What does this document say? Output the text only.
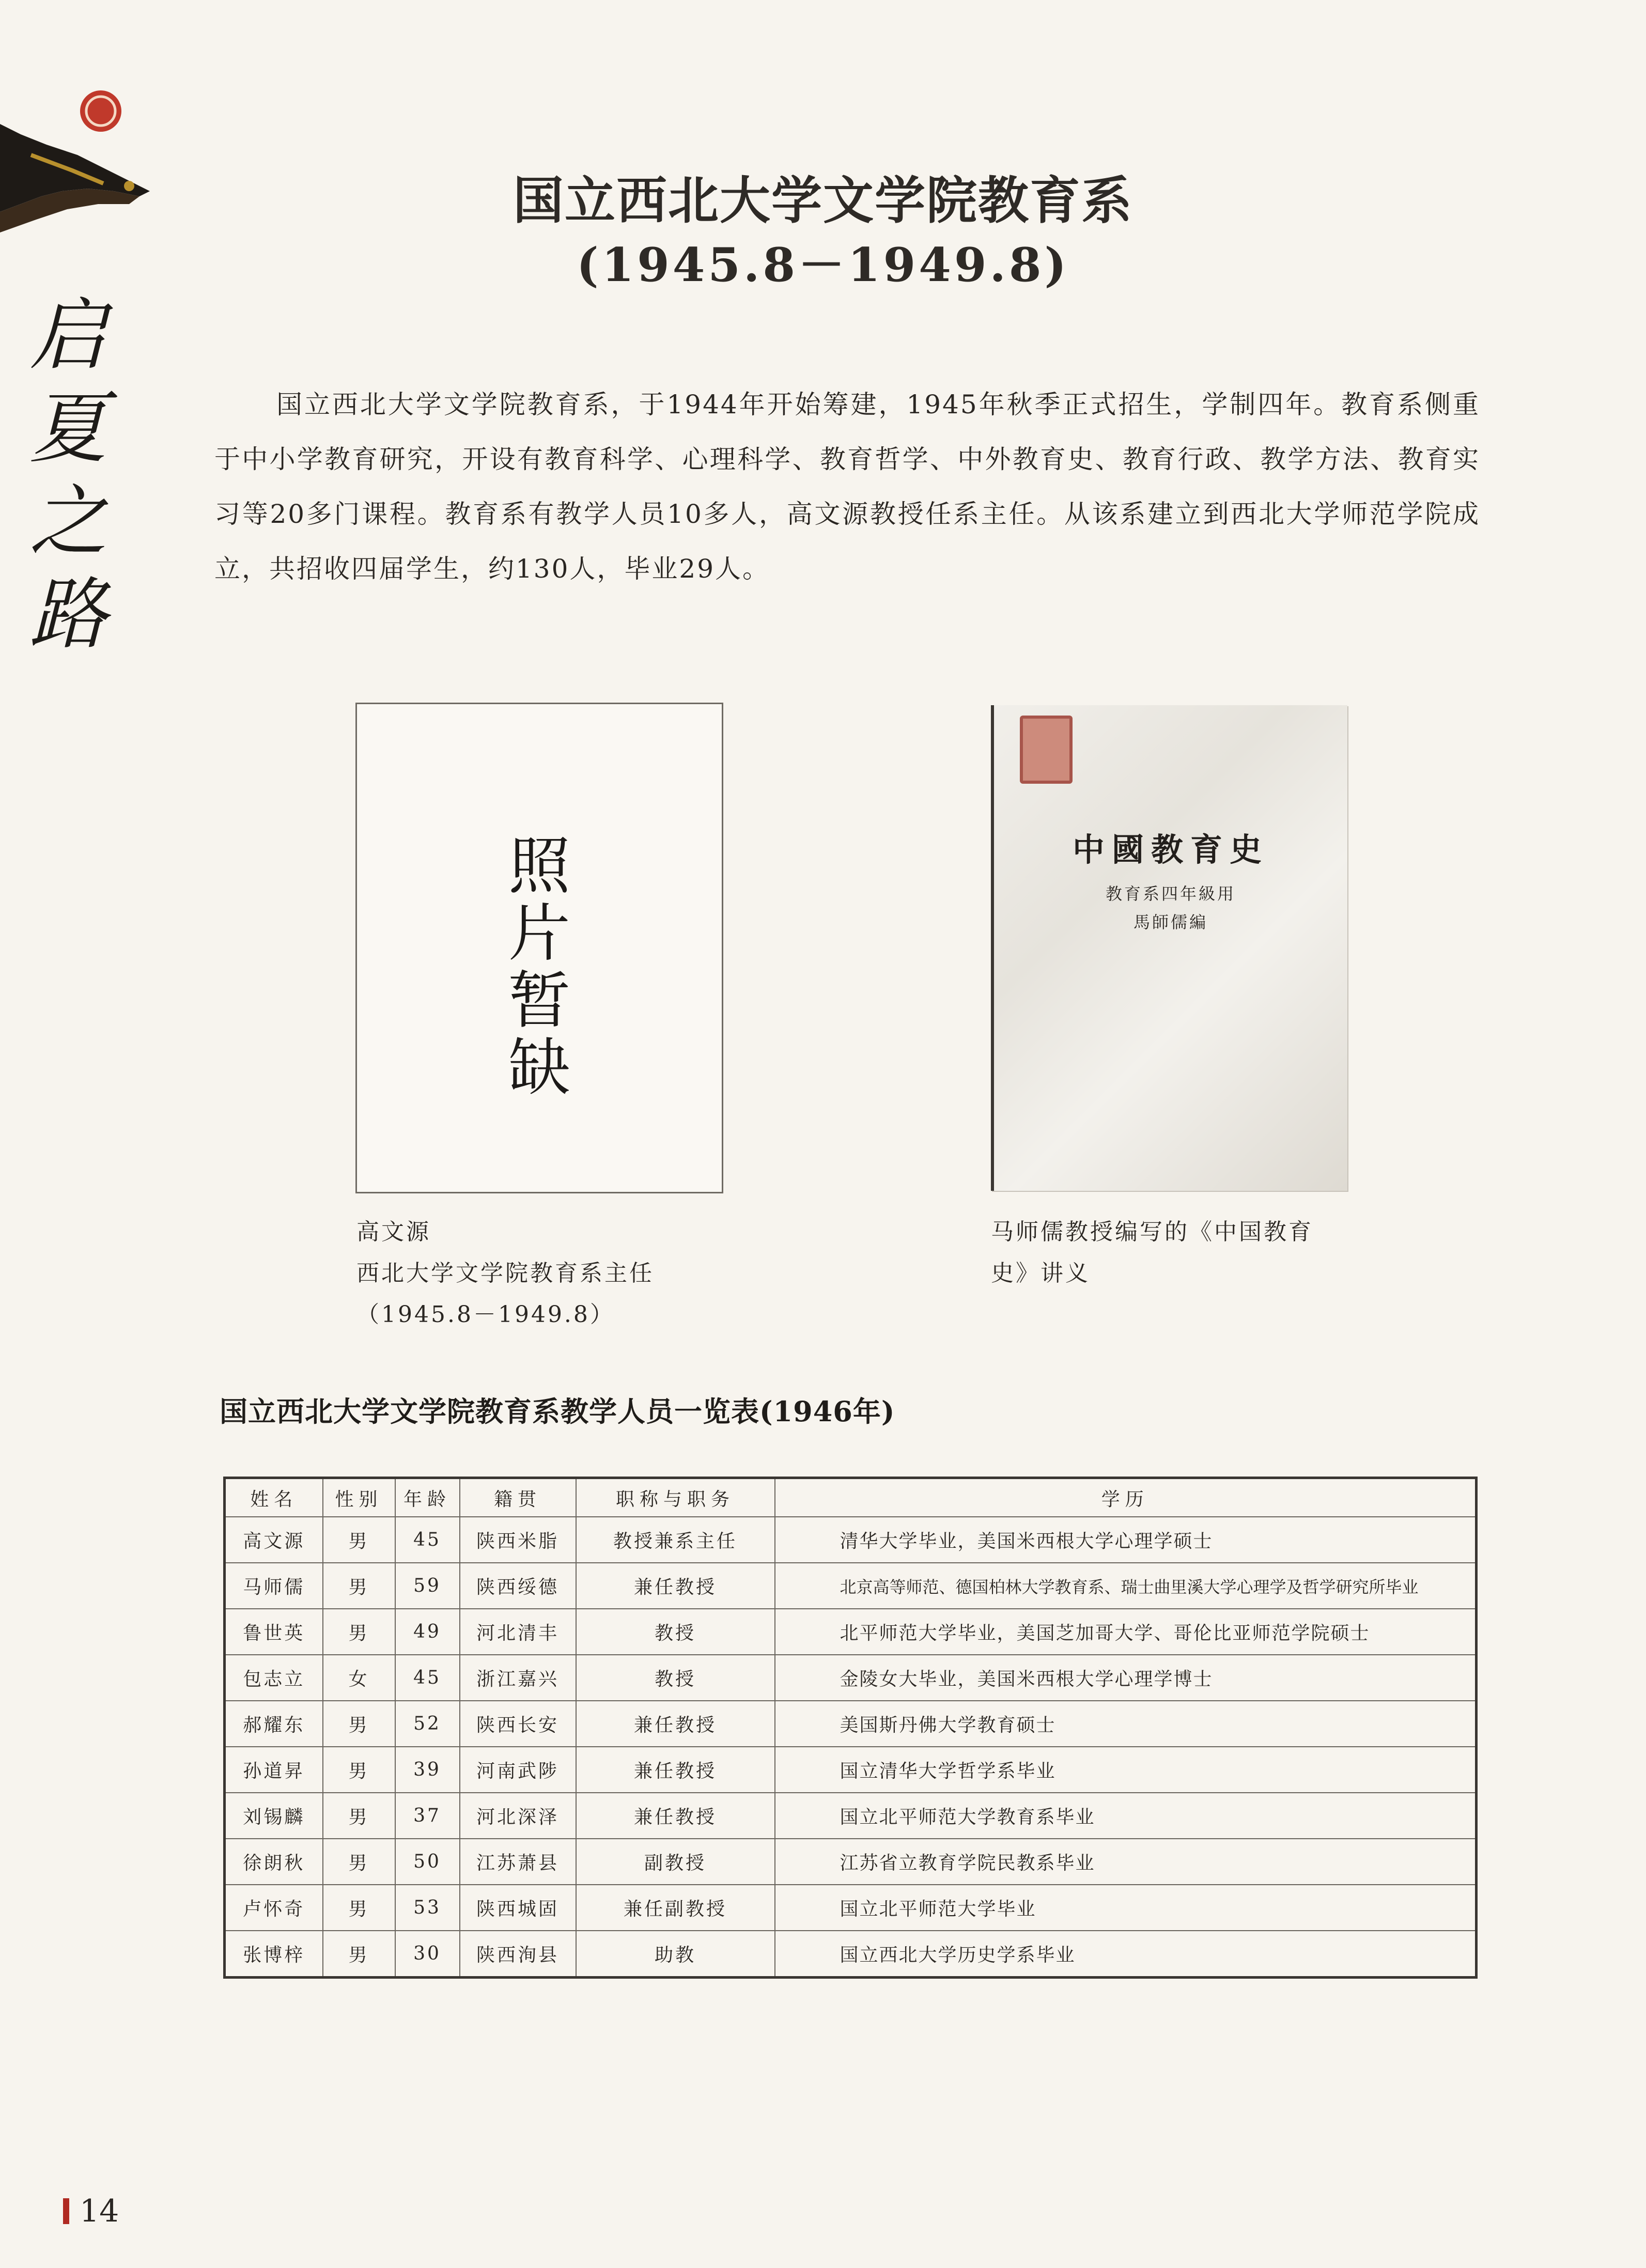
启
夏
之
路
国立西北大学文学院教育系
(1945.8－1949.8)
国立西北大学文学院教育系，于1944年开始筹建，1945年秋季正式招生，学制四年。教育系侧重于中小学教育研究，开设有教育科学、心理科学、教育哲学、中外教育史、教育行政、教学方法、教育实习等20多门课程。教育系有教学人员10多人，高文源教授任系主任。从该系建立到西北大学师范学院成立，共招收四届学生，约130人，毕业29人。
照
片
暂
缺
中國教育史
教育系四年級用
馬師儒編
高文源
西北大学文学院教育系主任
（1945.8－1949.8）
马师儒教授编写的《中国教育
史》讲义
国立西北大学文学院教育系教学人员一览表(1946年)
姓名	性别	年龄	籍贯	职称与职务	学历
高文源	男	45	陕西米脂	教授兼系主任	清华大学毕业，美国米西根大学心理学硕士
马师儒	男	59	陕西绥德	兼任教授	北京高等师范、德国柏林大学教育系、瑞士曲里溪大学心理学及哲学研究所毕业
鲁世英	男	49	河北清丰	教授	北平师范大学毕业，美国芝加哥大学、哥伦比亚师范学院硕士
包志立	女	45	浙江嘉兴	教授	金陵女大毕业，美国米西根大学心理学博士
郝耀东	男	52	陕西长安	兼任教授	美国斯丹佛大学教育硕士
孙道昇	男	39	河南武陟	兼任教授	国立清华大学哲学系毕业
刘锡麟	男	37	河北深泽	兼任教授	国立北平师范大学教育系毕业
徐朗秋	男	50	江苏萧县	副教授	江苏省立教育学院民教系毕业
卢怀奇	男	53	陕西城固	兼任副教授	国立北平师范大学毕业
张博梓	男	30	陕西洵县	助教	国立西北大学历史学系毕业
14
